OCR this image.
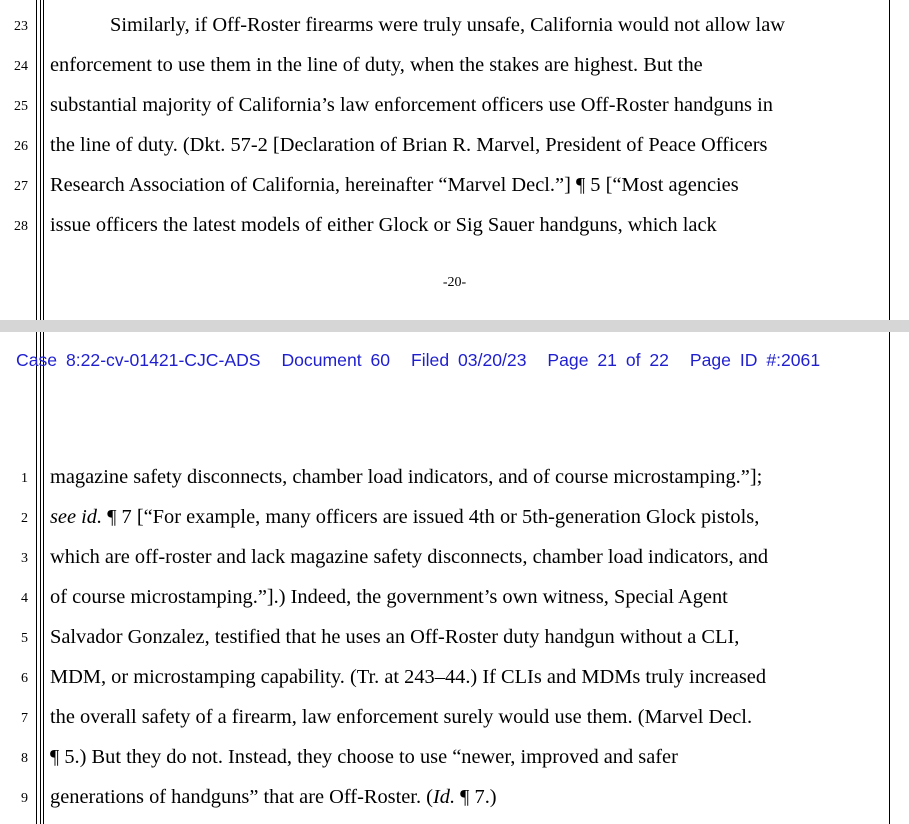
23	Similarly, if Off-Roster firearms were truly unsafe, California would not allow law
24 enforcement to use them in the line of duty, when the stakes are highest. But the
25 substantial majority of California’s law enforcement officers use Off-Roster handguns in
26 the line of duty. (Dkt. 57-2 [Declaration of Brian R. Marvel, President of Peace Officers
27 Research Association of California, hereinafter “Marvel Decl.”] ¶ 5 [“Most agencies
28 issue officers the latest models of either Glock or Sig Sauer handguns, which lack
-20-
Case 8:22-cv-01421-CJC-ADS Document 60 Filed 03/20/23 Page 21 of 22 Page ID #:2061
1 magazine safety disconnects, chamber load indicators, and of course microstamping.”];
2 see id. ¶ 7 [“For example, many officers are issued 4th or 5th-generation Glock pistols,
3 which are off-roster and lack magazine safety disconnects, chamber load indicators, and
4 of course microstamping.”].) Indeed, the government’s own witness, Special Agent
5 Salvador Gonzalez, testified that he uses an Off-Roster duty handgun without a CLI,
6 MDM, or microstamping capability. (Tr. at 243–44.) If CLIs and MDMs truly increased
7 the overall safety of a firearm, law enforcement surely would use them. (Marvel Decl.
8 ¶ 5.) But they do not. Instead, they choose to use “newer, improved and safer
9 generations of handguns” that are Off-Roster. (Id. ¶ 7.)
